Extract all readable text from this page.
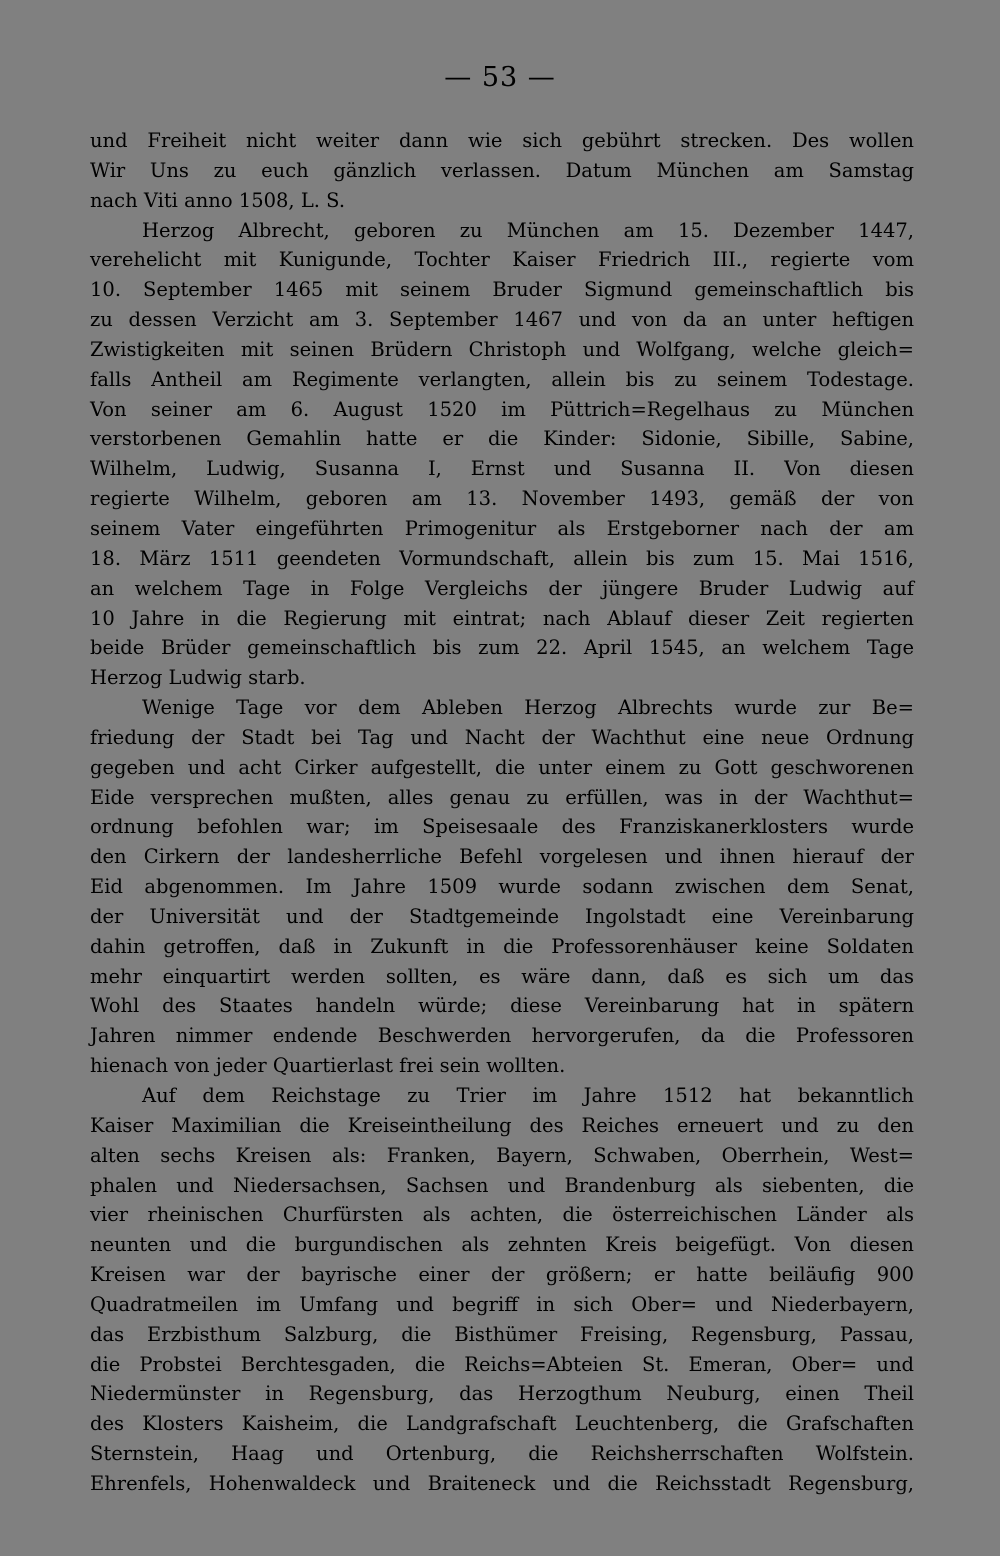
— 53 —
und Freiheit nicht weiter dann wie sich gebührt strecken. Des wollen
Wir Uns zu euch gänzlich verlassen. Datum München am Samstag
nach Viti anno 1508, L. S.
Herzog Albrecht, geboren zu München am 15. Dezember 1447,
verehelicht mit Kunigunde, Tochter Kaiser Friedrich III., regierte vom
10. September 1465 mit seinem Bruder Sigmund gemeinschaftlich bis
zu dessen Verzicht am 3. September 1467 und von da an unter heftigen
Zwistigkeiten mit seinen Brüdern Christoph und Wolfgang, welche gleich=
falls Antheil am Regimente verlangten, allein bis zu seinem Todestage.
Von seiner am 6. August 1520 im Püttrich=Regelhaus zu München
verstorbenen Gemahlin hatte er die Kinder: Sidonie, Sibille, Sabine,
Wilhelm, Ludwig, Susanna I, Ernst und Susanna II. Von diesen
regierte Wilhelm, geboren am 13. November 1493, gemäß der von
seinem Vater eingeführten Primogenitur als Erstgeborner nach der am
18. März 1511 geendeten Vormundschaft, allein bis zum 15. Mai 1516,
an welchem Tage in Folge Vergleichs der jüngere Bruder Ludwig auf
10 Jahre in die Regierung mit eintrat; nach Ablauf dieser Zeit regierten
beide Brüder gemeinschaftlich bis zum 22. April 1545, an welchem Tage
Herzog Ludwig starb.
Wenige Tage vor dem Ableben Herzog Albrechts wurde zur Be=
friedung der Stadt bei Tag und Nacht der Wachthut eine neue Ordnung
gegeben und acht Cirker aufgestellt, die unter einem zu Gott geschworenen
Eide versprechen mußten, alles genau zu erfüllen, was in der Wachthut=
ordnung befohlen war; im Speisesaale des Franziskanerklosters wurde
den Cirkern der landesherrliche Befehl vorgelesen und ihnen hierauf der
Eid abgenommen. Im Jahre 1509 wurde sodann zwischen dem Senat,
der Universität und der Stadtgemeinde Ingolstadt eine Vereinbarung
dahin getroffen, daß in Zukunft in die Professorenhäuser keine Soldaten
mehr einquartirt werden sollten, es wäre dann, daß es sich um das
Wohl des Staates handeln würde; diese Vereinbarung hat in spätern
Jahren nimmer endende Beschwerden hervorgerufen, da die Professoren
hienach von jeder Quartierlast frei sein wollten.
Auf dem Reichstage zu Trier im Jahre 1512 hat bekanntlich
Kaiser Maximilian die Kreiseintheilung des Reiches erneuert und zu den
alten sechs Kreisen als: Franken, Bayern, Schwaben, Oberrhein, West=
phalen und Niedersachsen, Sachsen und Brandenburg als siebenten, die
vier rheinischen Churfürsten als achten, die österreichischen Länder als
neunten und die burgundischen als zehnten Kreis beigefügt. Von diesen
Kreisen war der bayrische einer der größern; er hatte beiläufig 900
Quadratmeilen im Umfang und begriff in sich Ober= und Niederbayern,
das Erzbisthum Salzburg, die Bisthümer Freising, Regensburg, Passau,
die Probstei Berchtesgaden, die Reichs=Abteien St. Emeran, Ober= und
Niedermünster in Regensburg, das Herzogthum Neuburg, einen Theil
des Klosters Kaisheim, die Landgrafschaft Leuchtenberg, die Grafschaften
Sternstein, Haag und Ortenburg, die Reichsherrschaften Wolfstein.
Ehrenfels, Hohenwaldeck und Braiteneck und die Reichsstadt Regensburg,
